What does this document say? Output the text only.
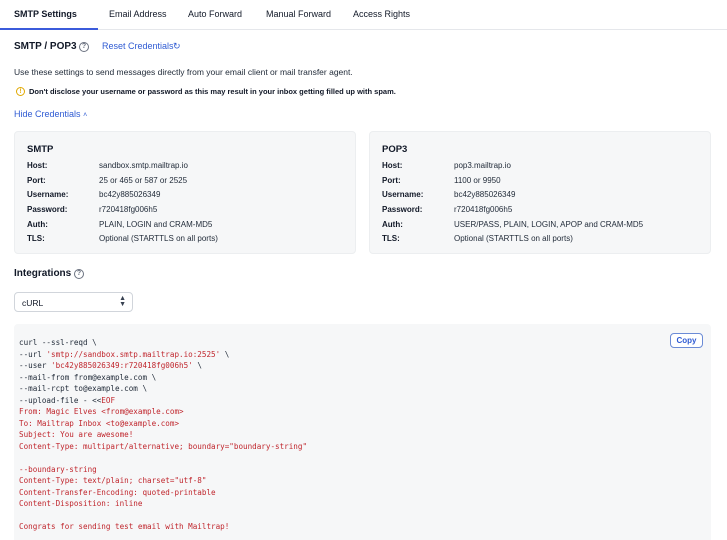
SMTP Settings	Email Address Auto Forward	Manual Forward Access Rights
SMTP / POP3 ?	Reset Credentials ↻
Use these settings to send messages directly from your email client or mail transfer agent.
! Don't disclose your username or password as this may result in your inbox getting filled up with spam.
Hide Credentials ˄
SMTP
Host:	sandbox.smtp.mailtrap.io
Port:	25 or 465 or 587 or 2525
Username:	bc42y885026349
Password:	r720418fg006h5
Auth:	PLAIN, LOGIN and CRAM-MD5
TLS:	Optional (STARTTLS on all ports)
POP3
Host:	pop3.mailtrap.io
Port:	1100 or 9950
Username:	bc42y885026349
Password:	r720418fg006h5
Auth:	USER/PASS, PLAIN, LOGIN, APOP and CRAM-MD5
TLS:	Optional (STARTTLS on all ports)
Integrations ?
cURL	▲
▼
Copy
curl --ssl-reqd \
--url 'smtp://sandbox.smtp.mailtrap.io:2525' \
--user 'bc42y885026349:r720418fg006h5' \
--mail-from from@example.com \
--mail-rcpt to@example.com \
--upload-file - <<EOF
From: Magic Elves <from@example.com>
To: Mailtrap Inbox <to@example.com>
Subject: You are awesome!
Content-Type: multipart/alternative; boundary="boundary-string"
--boundary-string
Content-Type: text/plain; charset="utf-8"
Content-Transfer-Encoding: quoted-printable
Content-Disposition: inline
Congrats for sending test email with Mailtrap!
